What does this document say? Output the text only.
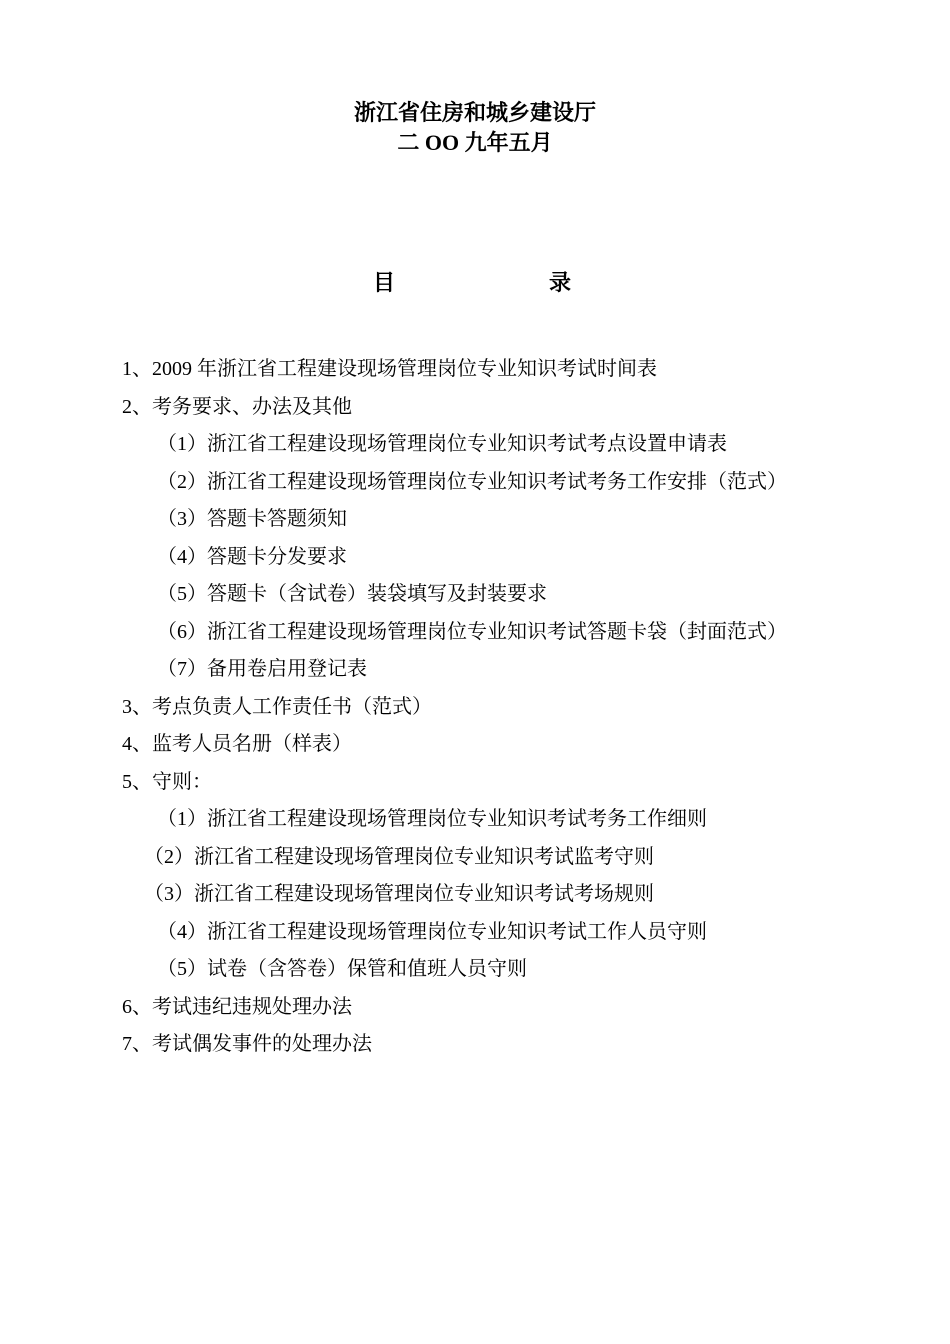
浙江省住房和城乡建设厅
二 OO 九年五月
目	录
1、2009 年浙江省工程建设现场管理岗位专业知识考试时间表
2、考务要求、办法及其他
（1）浙江省工程建设现场管理岗位专业知识考试考点设置申请表
（2）浙江省工程建设现场管理岗位专业知识考试考务工作安排（范式）
（3）答题卡答题须知
（4）答题卡分发要求
（5）答题卡（含试卷）装袋填写及封装要求
（6）浙江省工程建设现场管理岗位专业知识考试答题卡袋（封面范式）
（7）备用卷启用登记表
3、考点负责人工作责任书（范式）
4、监考人员名册（样表）
5、守则：
（1）浙江省工程建设现场管理岗位专业知识考试考务工作细则
（2）浙江省工程建设现场管理岗位专业知识考试监考守则
（3）浙江省工程建设现场管理岗位专业知识考试考场规则
（4）浙江省工程建设现场管理岗位专业知识考试工作人员守则
（5）试卷（含答卷）保管和值班人员守则
6、考试违纪违规处理办法
7、考试偶发事件的处理办法
